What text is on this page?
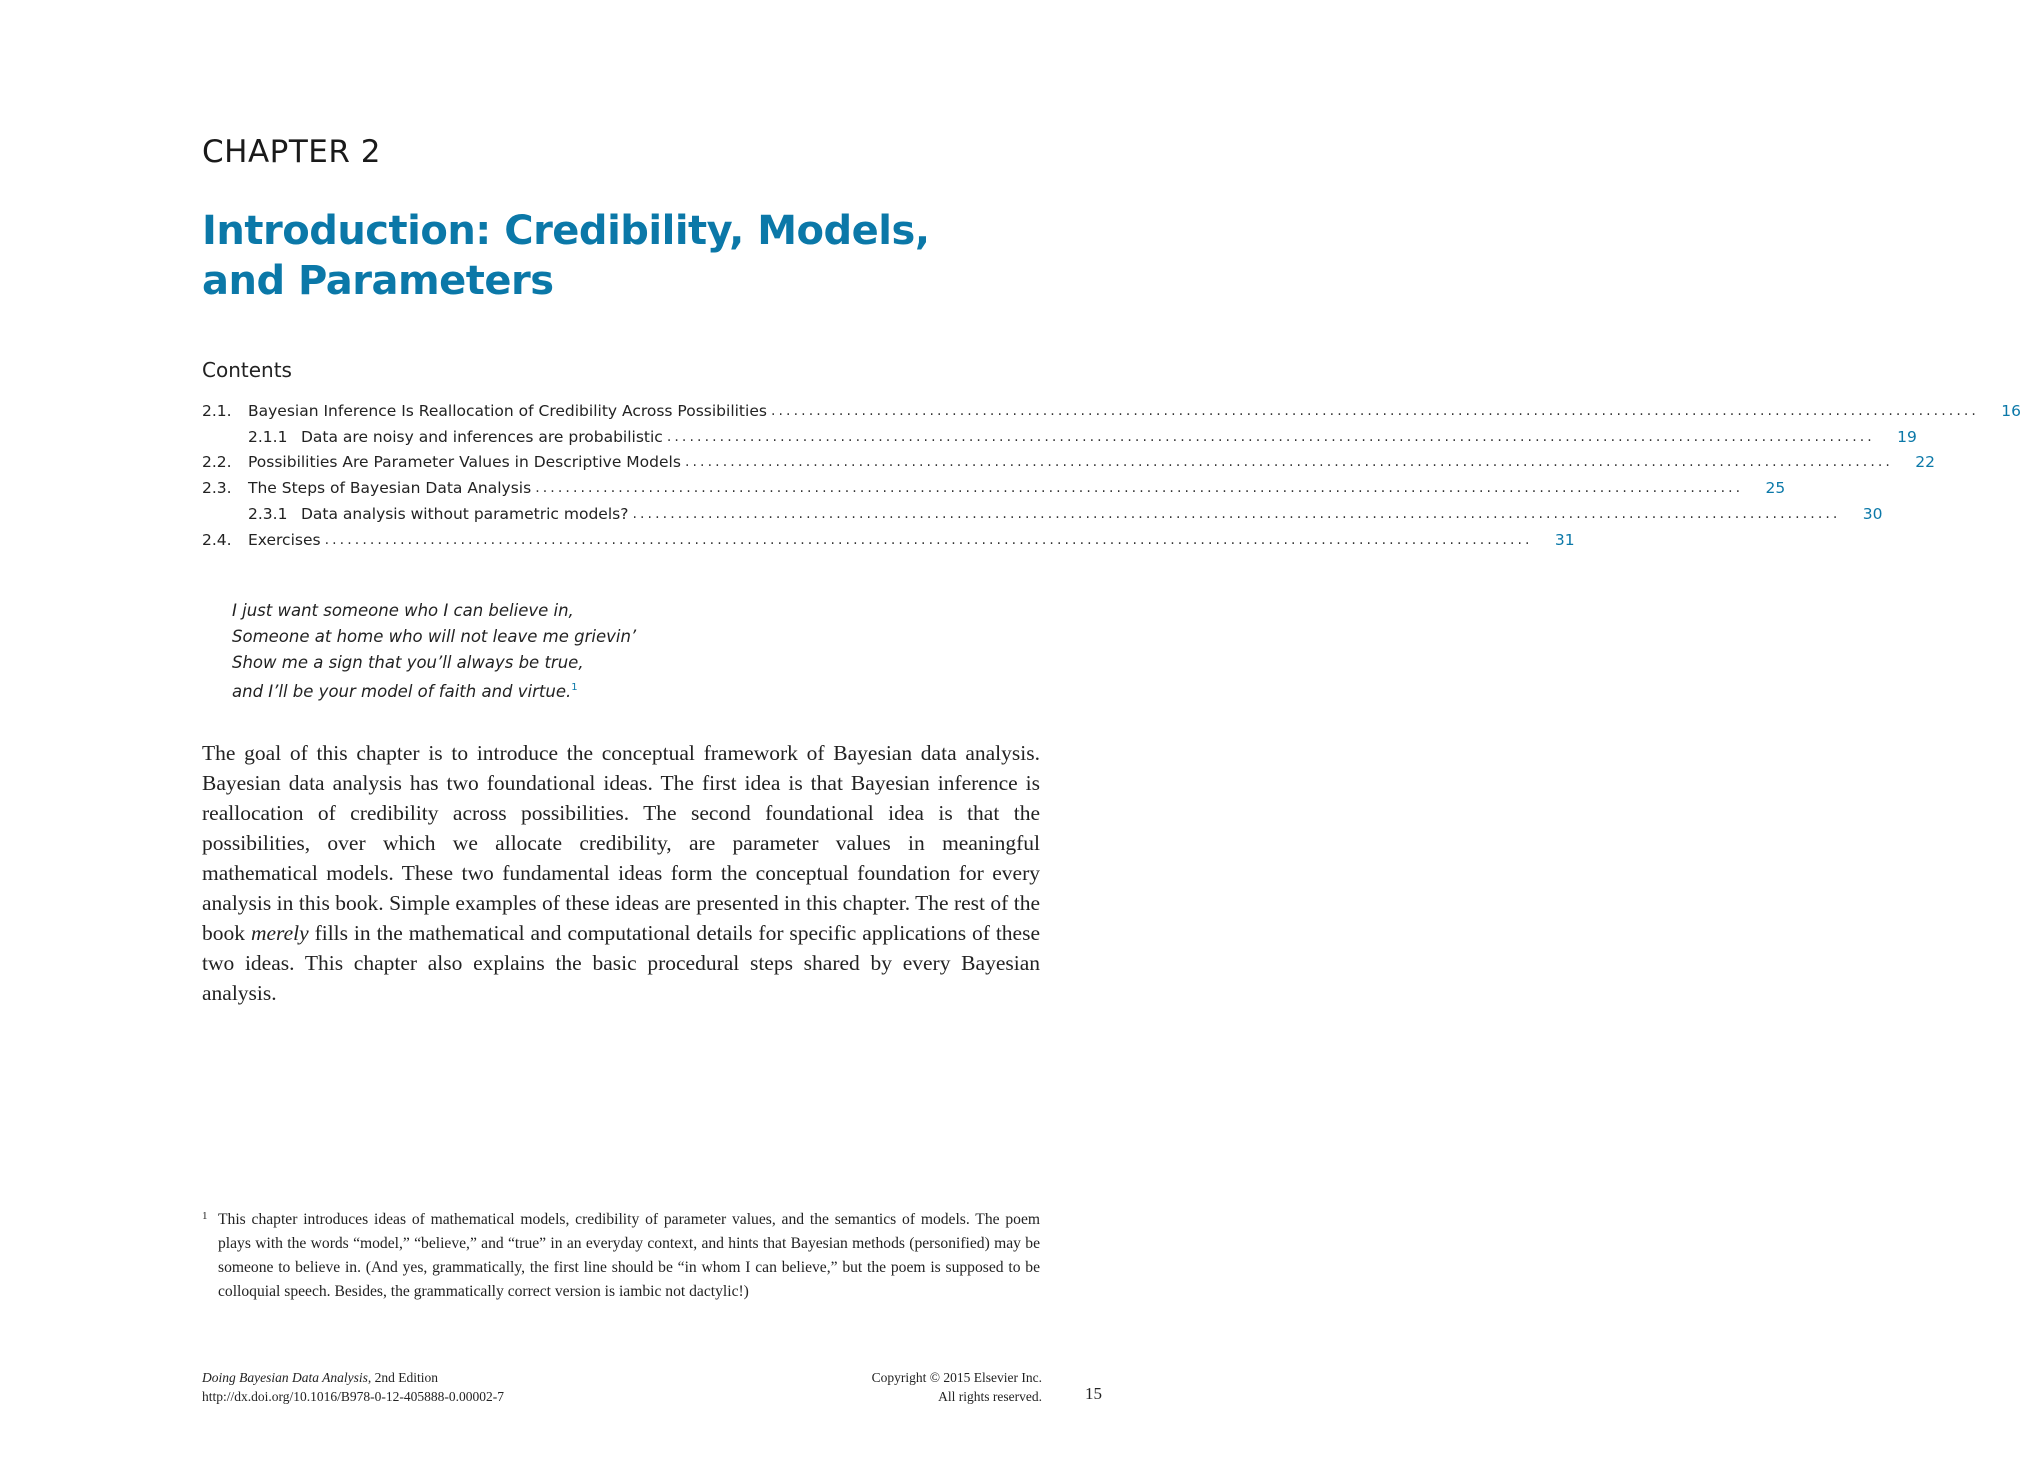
CHAPTER 2
Introduction: Credibility, Models,
and Parameters
Contents
2.1.	Bayesian Inference Is Reallocation of Credibility Across Possibilities ................................................................................................................................................................	16
2.1.1 Data are noisy and inferences are probabilistic ................................................................................................................................................................	19
2.2.	Possibilities Are Parameter Values in Descriptive Models ................................................................................................................................................................	22
2.3.	The Steps of Bayesian Data Analysis ................................................................................................................................................................	25
2.3.1 Data analysis without parametric models? ................................................................................................................................................................	30
2.4.	Exercises ................................................................................................................................................................	31
I just want someone who I can believe in,
Someone at home who will not leave me grievin’
Show me a sign that you’ll always be true,
and I’ll be your model of faith and virtue.$^1$

The goal of this chapter is to introduce the conceptual framework of Bayesian data analysis. Bayesian data analysis has two foundational ideas. The first idea is that Bayesian inference is reallocation of credibility across possibilities. The second foundational idea is that the possibilities, over which we allocate credibility, are parameter values in meaningful mathematical models. These two fundamental ideas form the conceptual foundation for every analysis in this book. Simple examples of these ideas are presented in this chapter. The rest of the book merely fills in the mathematical and computational details for specific applications of these two ideas. This chapter also explains the basic procedural steps shared by every Bayesian analysis.

1 This chapter introduces ideas of mathematical models, credibility of parameter values, and the semantics of models. The poem plays with the words “model,” “believe,” and “true” in an everyday context, and hints that Bayesian methods (personified) may be someone to believe in. (And yes, grammatically, the first line should be “in whom I can believe,” but the poem is supposed to be colloquial speech. Besides, the grammatically correct version is iambic not dactylic!)
Doing Bayesian Data Analysis, 2nd Edition
http://dx.doi.org/10.1016/B978-0-12-405888-0.00002-7
Copyright © 2015 Elsevier Inc.
All rights reserved.	15
